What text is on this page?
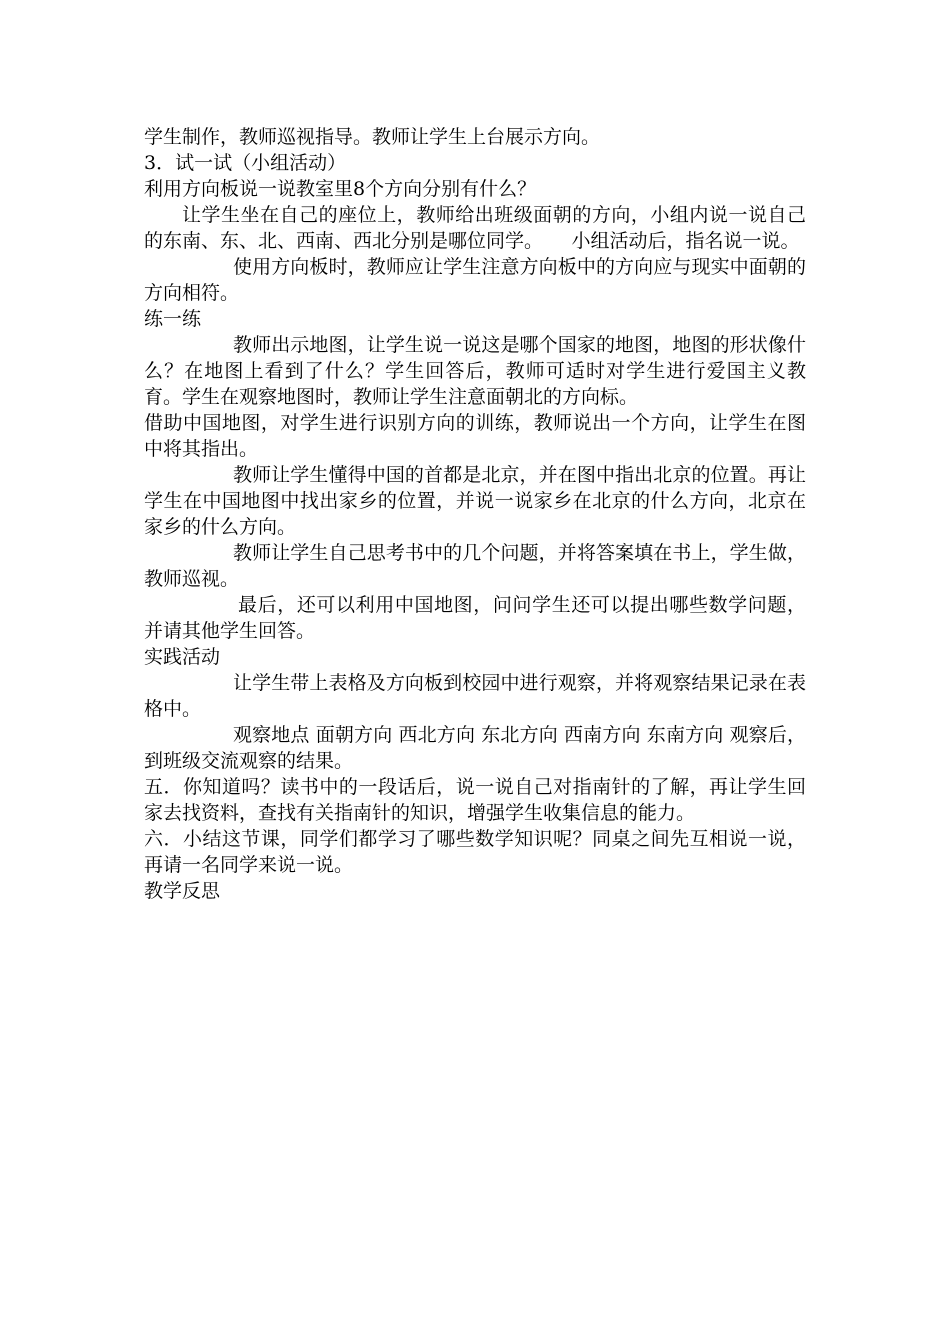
学生制作，教师巡视指导。教师让学生上台展示方向。

3．试一试（小组活动）

利用方向板说一说教室里8个方向分别有什么？

让学生坐在自己的座位上，教师给出班级面朝的方向，小组内说一说自己的东南、东、北、西南、西北分别是哪位同学。　　小组活动后，指名说一说。

使用方向板时，教师应让学生注意方向板中的方向应与现实中面朝的方向相符。

练一练

教师出示地图，让学生说一说这是哪个国家的地图，地图的形状像什么？在地图上看到了什么？学生回答后，教师可适时对学生进行爱国主义教育。学生在观察地图时，教师让学生注意面朝北的方向标。

借助中国地图，对学生进行识别方向的训练，教师说出一个方向，让学生在图中将其指出。

教师让学生懂得中国的首都是北京，并在图中指出北京的位置。再让学生在中国地图中找出家乡的位置，并说一说家乡在北京的什么方向，北京在家乡的什么方向。

教师让学生自己思考书中的几个问题，并将答案填在书上，学生做，教师巡视。

最后，还可以利用中国地图，问问学生还可以提出哪些数学问题，并请其他学生回答。

实践活动

让学生带上表格及方向板到校园中进行观察，并将观察结果记录在表格中。

观察地点 面朝方向 西北方向 东北方向 西南方向 东南方向 观察后，到班级交流观察的结果。

五．你知道吗？读书中的一段话后，说一说自己对指南针的了解，再让学生回家去找资料，查找有关指南针的知识，增强学生收集信息的能力。

六．小结这节课，同学们都学习了哪些数学知识呢？同桌之间先互相说一说，再请一名同学来说一说。

教学反思
